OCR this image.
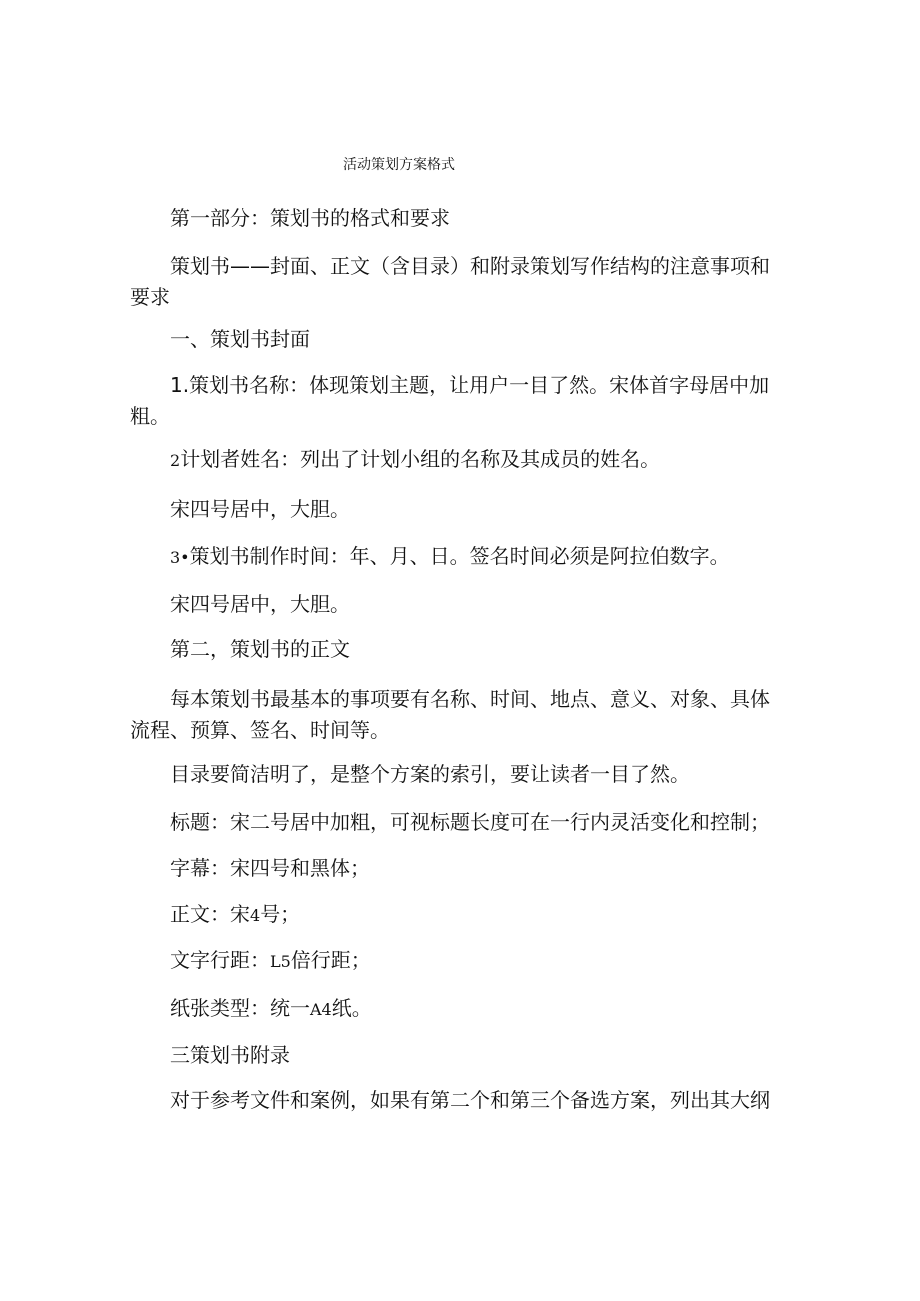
活动策划方案格式
第一部分：策划书的格式和要求
策划书——封面、正文（含目录）和附录策划写作结构的注意事项和要求
一、策划书封面
1.策划书名称：体现策划主题，让用户一目了然。宋体首字母居中加粗。
2计划者姓名：列出了计划小组的名称及其成员的姓名。
宋四号居中，大胆。
3•策划书制作时间：年、月、日。签名时间必须是阿拉伯数字。
宋四号居中，大胆。
第二，策划书的正文
每本策划书最基本的事项要有名称、时间、地点、意义、对象、具体流程、预算、签名、时间等。
目录要简洁明了，是整个方案的索引，要让读者一目了然。
标题：宋二号居中加粗，可视标题长度可在一行内灵活变化和控制；
字幕：宋四号和黑体；
正文：宋4号；
文字行距：L5倍行距；
纸张类型：统一A4纸。
三策划书附录
对于参考文件和案例，如果有第二个和第三个备选方案，列出其大纲
